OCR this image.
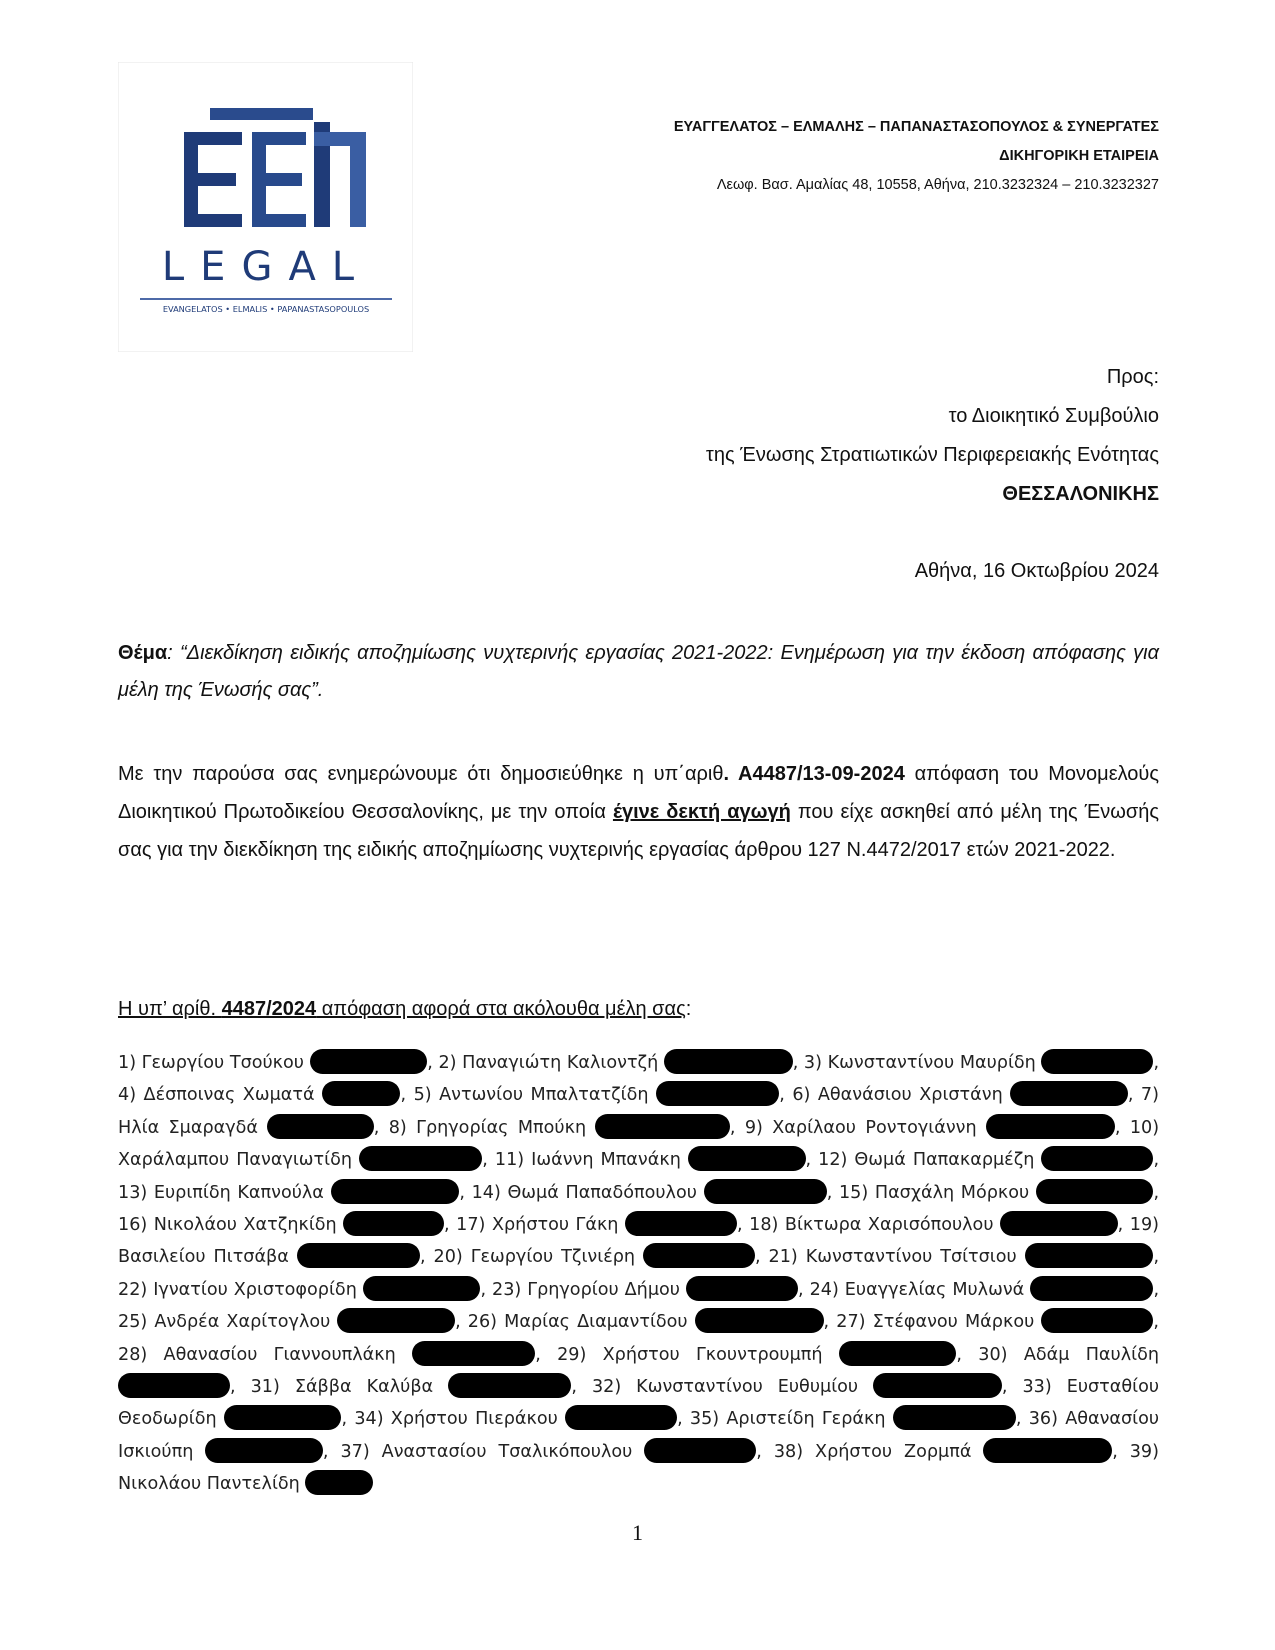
LEGAL
EVANGELATOS • ELMALIS • PAPANASTASOPOULOS
ΕΥΑΓΓΕΛΑΤΟΣ – ΕΛΜΑΛΗΣ – ΠΑΠΑΝΑΣΤΑΣΟΠΟΥΛΟΣ & ΣΥΝΕΡΓΑΤΕΣ
ΔΙΚΗΓΟΡΙΚΗ ΕΤΑΙΡΕΙΑ
Λεωφ. Βασ. Αμαλίας 48, 10558, Αθήνα, 210.3232324 – 210.3232327
Προς:
το Διοικητικό Συμβούλιο
της Ένωσης Στρατιωτικών Περιφερειακής Ενότητας
ΘΕΣΣΑΛΟΝΙΚΗΣ
Αθήνα, 16 Οκτωβρίου 2024
Θέμα: “Διεκδίκηση ειδικής αποζημίωσης νυχτερινής εργασίας 2021-2022: Ενημέρωση για την έκδοση απόφασης για μέλη της Ένωσής σας”.
Με την παρούσα σας ενημερώνουμε ότι δημοσιεύθηκε η υπ΄αριθ. Α4487/13-09-2024 απόφαση του Μονομελούς Διοικητικού Πρωτοδικείου Θεσσαλονίκης, με την οποία έγινε δεκτή αγωγή που είχε ασκηθεί από μέλη της Ένωσής σας για την διεκδίκηση της ειδικής αποζημίωσης νυχτερινής εργασίας άρθρου 127 Ν.4472/2017 ετών 2021-2022.
Η υπ’ αρίθ. 4487/2024 απόφαση αφορά στα ακόλουθα μέλη σας:
1) Γεωργίου Τσούκου	, 2) Παναγιώτη Καλιοντζή	, 3) Κωνσταντίνου Μαυρίδη	, 4) Δέσποινας Χωματά	, 5) Αντωνίου Μπαλτατζίδη	, 6) Αθανάσιου Χριστάνη	, 7) Ηλία Σμαραγδά	, 8) Γρηγορίας Μπούκη	, 9) Χαρίλαου Ροντογιάννη	, 10) Χαράλαμπου Παναγιωτίδη	, 11) Ιωάννη Μπανάκη	, 12) Θωμά Παπακαρμέζη	, 13) Ευριπίδη Καπνούλα	, 14) Θωμά Παπαδόπουλου	, 15) Πασχάλη Μόρκου	, 16) Νικολάου Χατζηκίδη	, 17) Χρήστου Γάκη	, 18) Βίκτωρα Χαρισόπουλου	, 19) Βασιλείου Πιτσάβα	, 20) Γεωργίου Τζινιέρη	, 21) Κωνσταντίνου Τσίτσιου	, 22) Ιγνατίου Χριστοφορίδη	, 23) Γρηγορίου Δήμου	, 24) Ευαγγελίας Μυλωνά	, 25) Ανδρέα Χαρίτογλου	, 26) Μαρίας Διαμαντίδου	, 27) Στέφανου Μάρκου	, 28) Αθανασίου Γιαννουπλάκη	, 29) Χρήστου Γκουντρουμπή	, 30) Αδάμ Παυλίδη , 31) Σάββα Καλύβα	, 32) Κωνσταντίνου Ευθυμίου	, 33) Ευσταθίου Θεοδωρίδη	, 34) Χρήστου Πιεράκου	, 35) Αριστείδη Γεράκη	, 36) Αθανασίου Ισκιούπη	, 37) Αναστασίου Τσαλικόπουλου	, 38) Χρήστου Ζορμπά	, 39) Νικολάου Παντελίδη
1
